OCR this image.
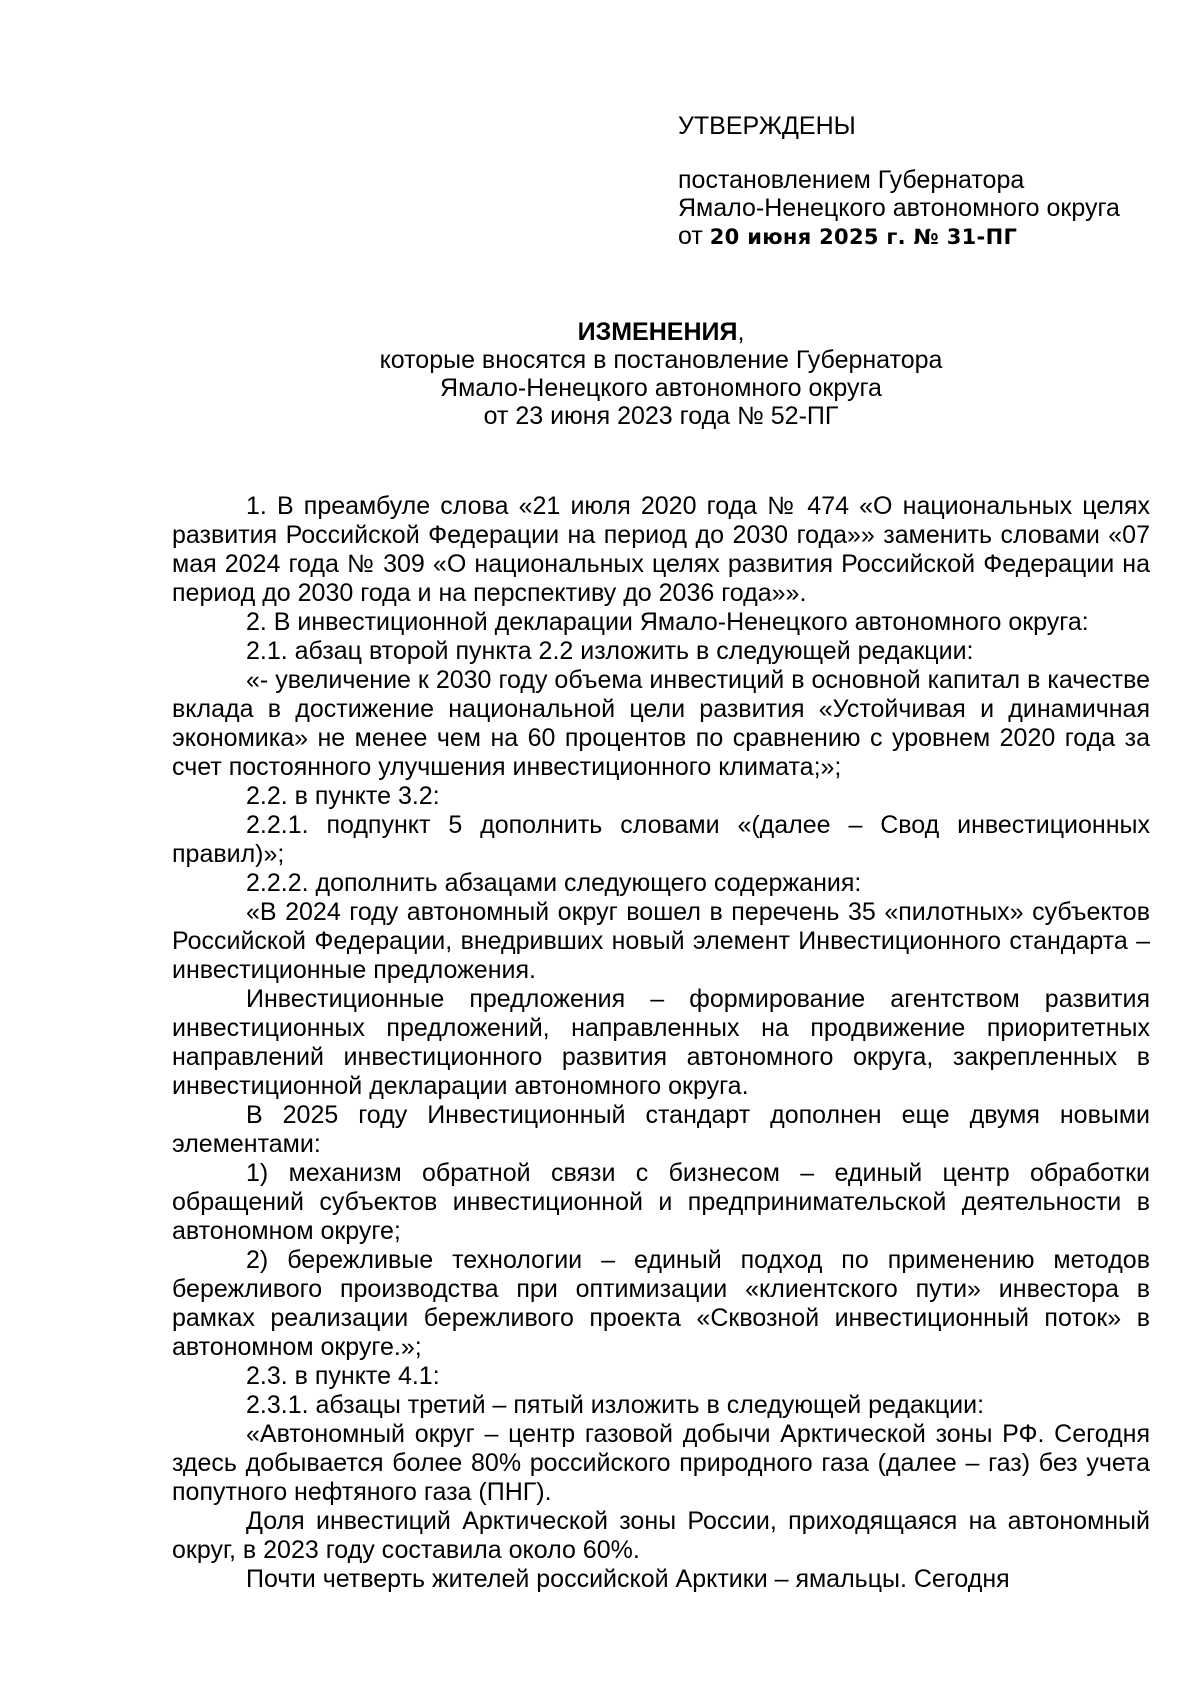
УТВЕРЖДЕНЫ
постановлением Губернатора
Ямало-Ненецкого автономного округа
от 20 июня 2025 г. № 31-ПГ
ИЗМЕНЕНИЯ,
которые вносятся в постановление Губернатора
Ямало-Ненецкого автономного округа
от 23 июня 2023 года № 52-ПГ

1. В преамбуле слова «21 июля 2020 года № 474 «О национальных целях развития Российской Федерации на период до 2030 года»» заменить словами «07 мая 2024 года № 309 «О национальных целях развития Российской Федерации на период до 2030 года и на перспективу до 2036 года»».

2. В инвестиционной декларации Ямало-Ненецкого автономного округа:

2.1. абзац второй пункта 2.2 изложить в следующей редакции:

«- увеличение к 2030 году объема инвестиций в основной капитал в качестве вклада в достижение национальной цели развития «Устойчивая и динамичная экономика» не менее чем на 60 процентов по сравнению с уровнем 2020 года за счет постоянного улучшения инвестиционного климата;»;

2.2. в пункте 3.2:

2.2.1. подпункт 5 дополнить словами «(далее – Свод инвестиционных правил)»;

2.2.2. дополнить абзацами следующего содержания:

«В 2024 году автономный округ вошел в перечень 35 «пилотных» субъектов Российской Федерации, внедривших новый элемент Инвестиционного стандарта – инвестиционные предложения.

Инвестиционные предложения – формирование агентством развития инвестиционных предложений, направленных на продвижение приоритетных направлений инвестиционного развития автономного округа, закрепленных в инвестиционной декларации автономного округа.

В 2025 году Инвестиционный стандарт дополнен еще двумя новыми элементами:

1) механизм обратной связи с бизнесом – единый центр обработки обращений субъектов инвестиционной и предпринимательской деятельности в автономном округе;

2) бережливые технологии – единый подход по применению методов бережливого производства при оптимизации «клиентского пути» инвестора в рамках реализации бережливого проекта «Сквозной инвестиционный поток» в автономном округе.»;

2.3. в пункте 4.1:

2.3.1. абзацы третий – пятый изложить в следующей редакции:

«Автономный округ – центр газовой добычи Арктической зоны РФ. Сегодня здесь добывается более 80% российского природного газа (далее – газ) без учета попутного нефтяного газа (ПНГ).

Доля инвестиций Арктической зоны России, приходящаяся на автономный округ, в 2023 году составила около 60%.

Почти четверть жителей российской Арктики – ямальцы. Сегодня
